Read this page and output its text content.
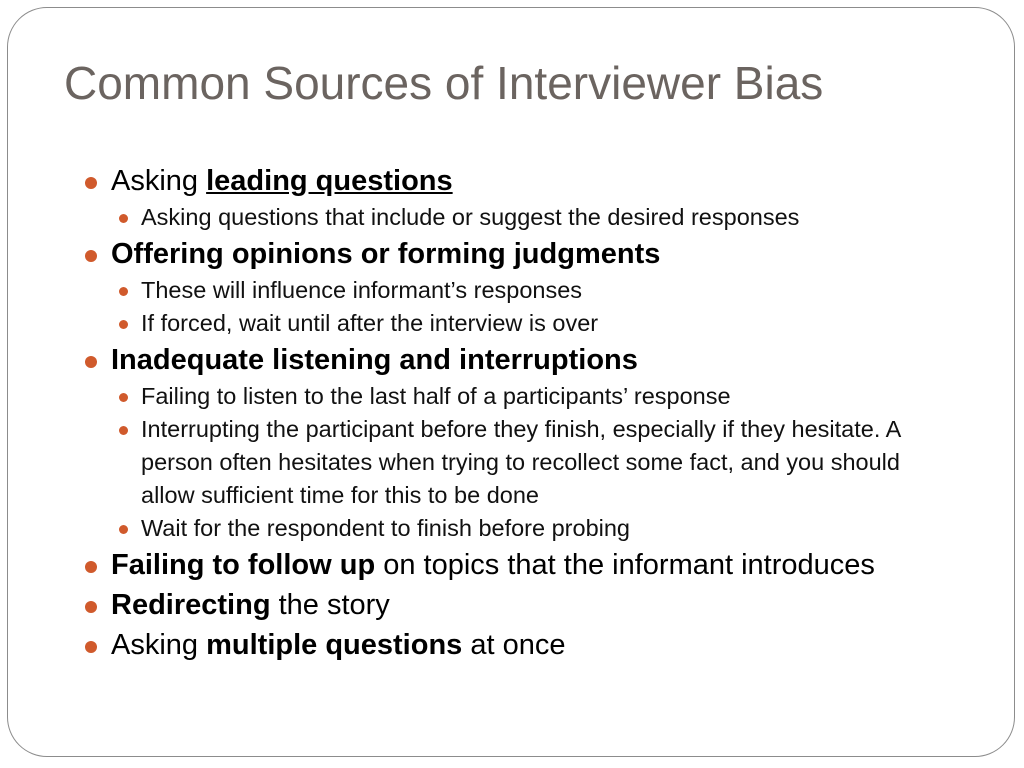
Common Sources of Interviewer Bias
Asking leading questions
Asking questions that include or suggest the desired responses
Offering opinions or forming judgments
These will influence informant’s responses
If forced, wait until after the interview is over
Inadequate listening and interruptions
Failing to listen to the last half of a participants’ response
Interrupting the participant before they finish, especially if they hesitate. A person often hesitates when trying to recollect some fact, and you should allow sufficient time for this to be done
Wait for the respondent to finish before probing
Failing to follow up on topics that the informant introduces
Redirecting the story
Asking multiple questions at once
